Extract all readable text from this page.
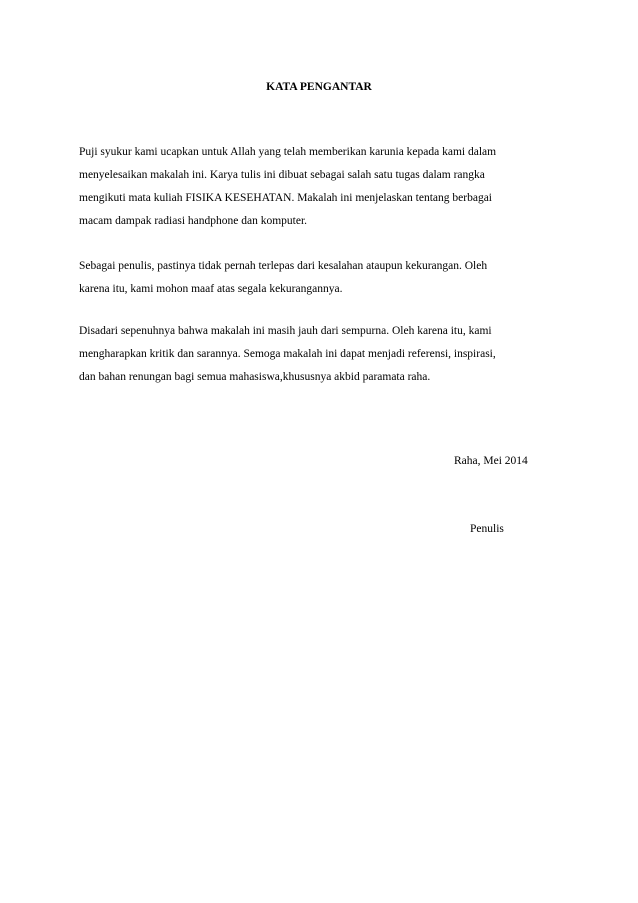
KATA PENGANTAR

Puji syukur kami ucapkan untuk Allah yang telah memberikan karunia kepada kami dalam
menyelesaikan makalah ini. Karya tulis ini dibuat sebagai salah satu tugas dalam rangka
mengikuti mata kuliah FISIKA KESEHATAN. Makalah ini menjelaskan tentang berbagai
macam dampak radiasi handphone dan komputer.

Sebagai penulis, pastinya tidak pernah terlepas dari kesalahan ataupun kekurangan. Oleh
karena itu, kami mohon maaf atas segala kekurangannya.

Disadari sepenuhnya bahwa makalah ini masih jauh dari sempurna. Oleh karena itu, kami
mengharapkan kritik dan sarannya. Semoga makalah ini dapat menjadi referensi, inspirasi,
dan bahan renungan bagi semua mahasiswa,khususnya akbid paramata raha.

Raha, Mei 2014

Penulis
